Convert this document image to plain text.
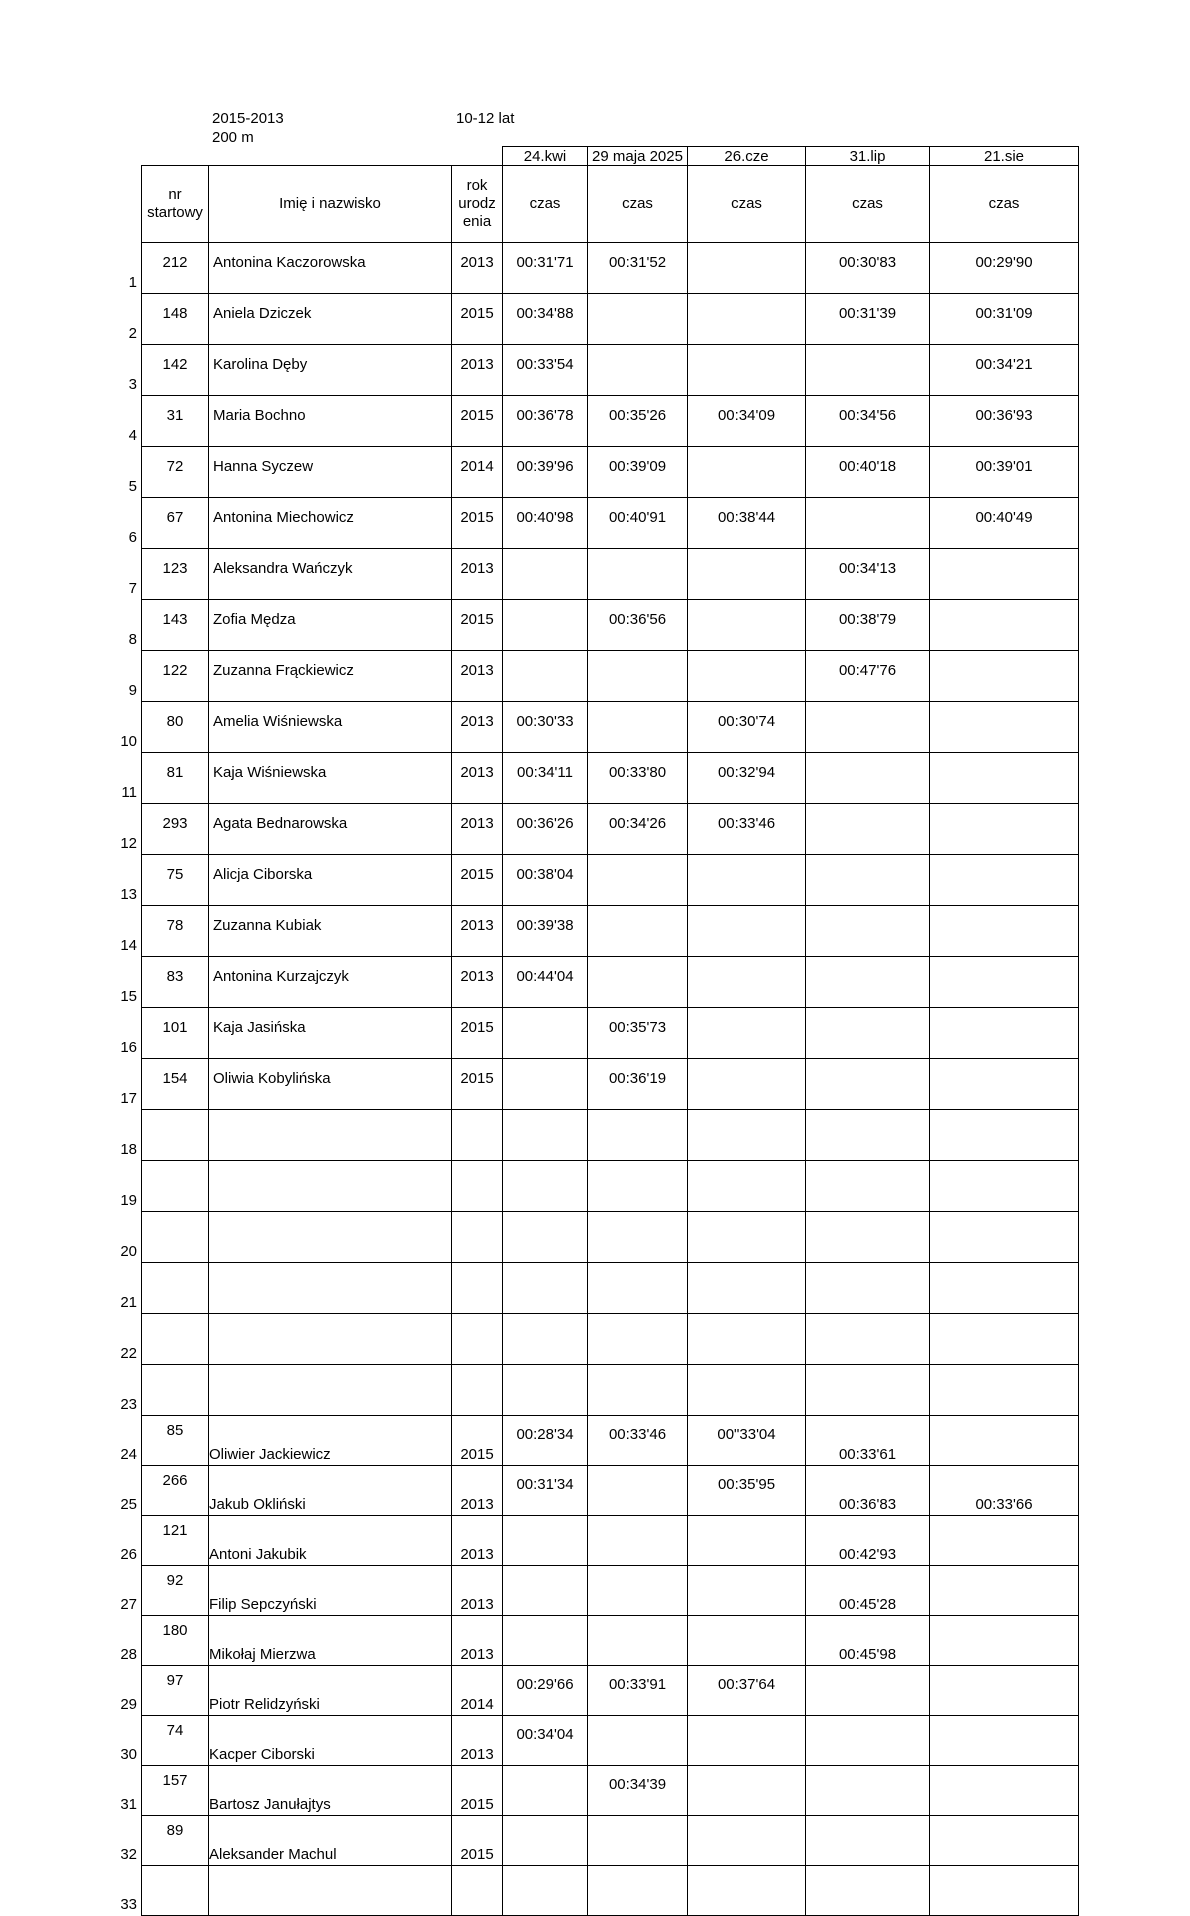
2015-2013
200 m
10-12 lat
				24.kwi	29 maja 2025	26.cze	31.lip	21.sie
	nr startowy	Imię i nazwisko	rok urodz enia	czas	czas	czas	czas	czas

1	212	Antonina Kaczorowska	2013	00:31'71	00:31'52		00:30'83	00:29'90

2	148	Aniela Dziczek	2015	00:34'88			00:31'39	00:31'09

3	142	Karolina Dęby	2013	00:33'54				00:34'21

4	31	Maria Bochno	2015	00:36'78	00:35'26	00:34'09	00:34'56	00:36'93

5	72	Hanna Syczew	2014	00:39'96	00:39'09		00:40'18	00:39'01

6	67	Antonina Miechowicz	2015	00:40'98	00:40'91	00:38'44		00:40'49

7	123	Aleksandra Wańczyk	2013				00:34'13	

8	143	Zofia Mędza	2015		00:36'56		00:38'79	

9	122	Zuzanna Frąckiewicz	2013				00:47'76	

10	80	Amelia Wiśniewska	2013	00:30'33		00:30'74		

11	81	Kaja Wiśniewska	2013	00:34'11	00:33'80	00:32'94		

12	293	Agata Bednarowska	2013	00:36'26	00:34'26	00:33'46		

13	75	Alicja Ciborska	2015	00:38'04				

14	78	Zuzanna Kubiak	2013	00:39'38				

15	83	Antonina Kurzajczyk	2013	00:44'04				

16	101	Kaja Jasińska	2015		00:35'73			

17	154	Oliwia Kobylińska	2015		00:36'19			

18							

19							

20							

21							

22							

23							

24	85	Oliwier Jackiewicz	2015	00:28'34	00:33'46	00"33'04	00:33'61	

25	266	Jakub Okliński	2013	00:31'34		00:35'95	00:36'83	00:33'66

26	121	Antoni Jakubik	2013				00:42'93	

27	92	Filip Sepczyński	2013				00:45'28	

28	180	Mikołaj Mierzwa	2013				00:45'98	

29	97	Piotr Relidzyński	2014	00:29'66	00:33'91	00:37'64		

30	74	Kacper Ciborski	2013	00:34'04				

31	157	Bartosz Janułajtys	2015		00:34'39			

32	89	Aleksander Machul	2015					

33							
